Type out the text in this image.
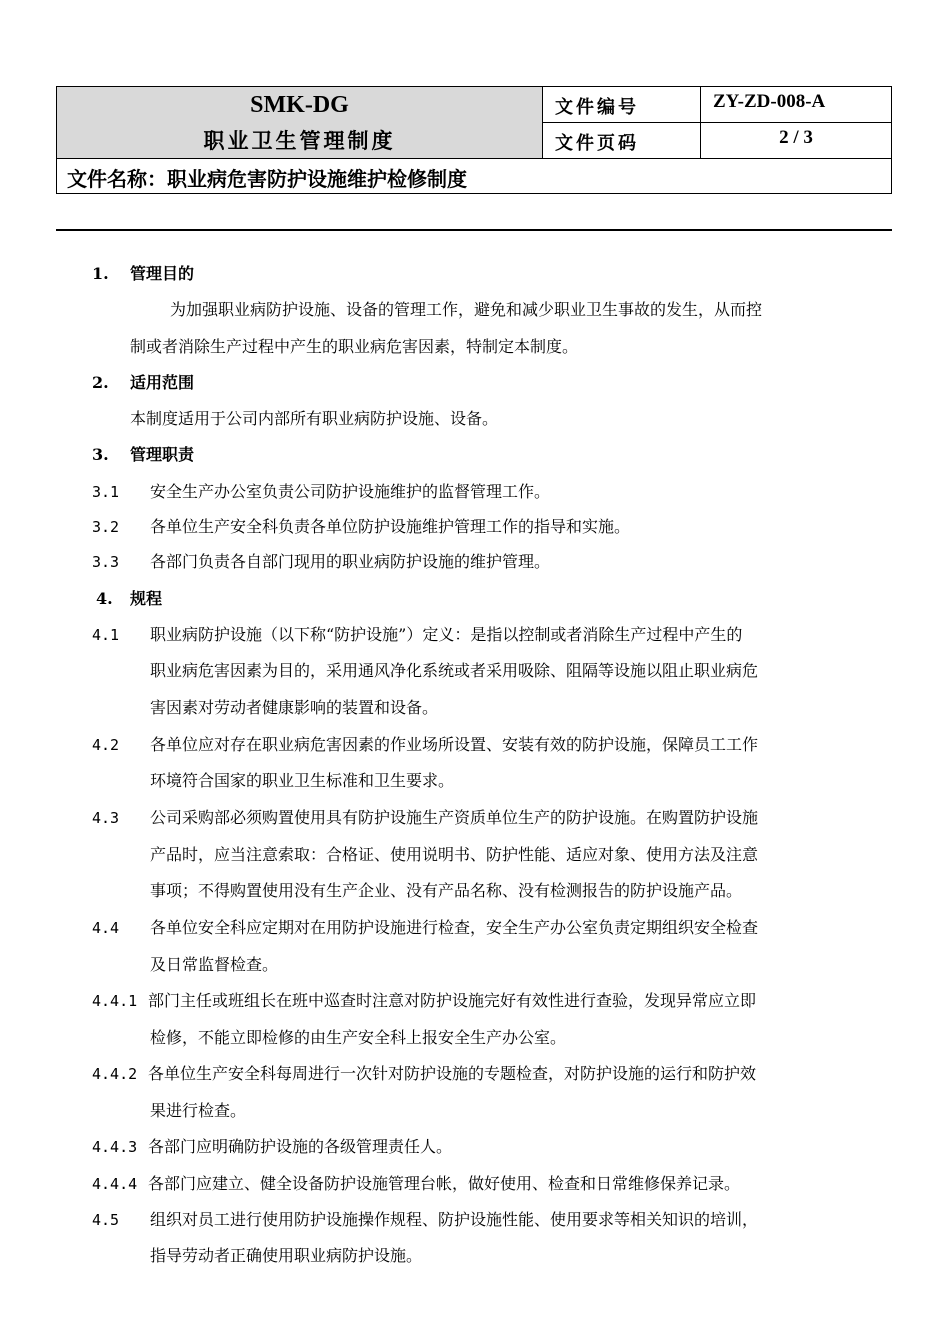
SMK-DG
职业卫生管理制度
文件编号	ZY-ZD-008-A
文件页码	2 / 3
文件名称：职业病危害防护设施维护检修制度
1. 管理目的
为加强职业病防护设施、设备的管理工作，避免和减少职业卫生事故的发生，从而控
制或者消除生产过程中产生的职业病危害因素，特制定本制度。
2. 适用范围
本制度适用于公司内部所有职业病防护设施、设备。
3. 管理职责
3.1 安全生产办公室负责公司防护设施维护的监督管理工作。
3.2 各单位生产安全科负责各单位防护设施维护管理工作的指导和实施。
3.3 各部门负责各自部门现用的职业病防护设施的维护管理。
4. 规程
4.1 职业病防护设施（以下称“防护设施”）定义：是指以控制或者消除生产过程中产生的
职业病危害因素为目的，采用通风净化系统或者采用吸除、阻隔等设施以阻止职业病危
害因素对劳动者健康影响的装置和设备。
4.2 各单位应对存在职业病危害因素的作业场所设置、安装有效的防护设施，保障员工工作
环境符合国家的职业卫生标准和卫生要求。
4.3 公司采购部必须购置使用具有防护设施生产资质单位生产的防护设施。在购置防护设施
产品时，应当注意索取：合格证、使用说明书、防护性能、适应对象、使用方法及注意
事项；不得购置使用没有生产企业、没有产品名称、没有检测报告的防护设施产品。
4.4 各单位安全科应定期对在用防护设施进行检查，安全生产办公室负责定期组织安全检查
及日常监督检查。
4.4.1 部门主任或班组长在班中巡查时注意对防护设施完好有效性进行查验，发现异常应立即
检修，不能立即检修的由生产安全科上报安全生产办公室。
4.4.2 各单位生产安全科每周进行一次针对防护设施的专题检查，对防护设施的运行和防护效
果进行检查。
4.4.3 各部门应明确防护设施的各级管理责任人。
4.4.4 各部门应建立、健全设备防护设施管理台帐，做好使用、检查和日常维修保养记录。
4.5 组织对员工进行使用防护设施操作规程、防护设施性能、使用要求等相关知识的培训，
指导劳动者正确使用职业病防护设施。
